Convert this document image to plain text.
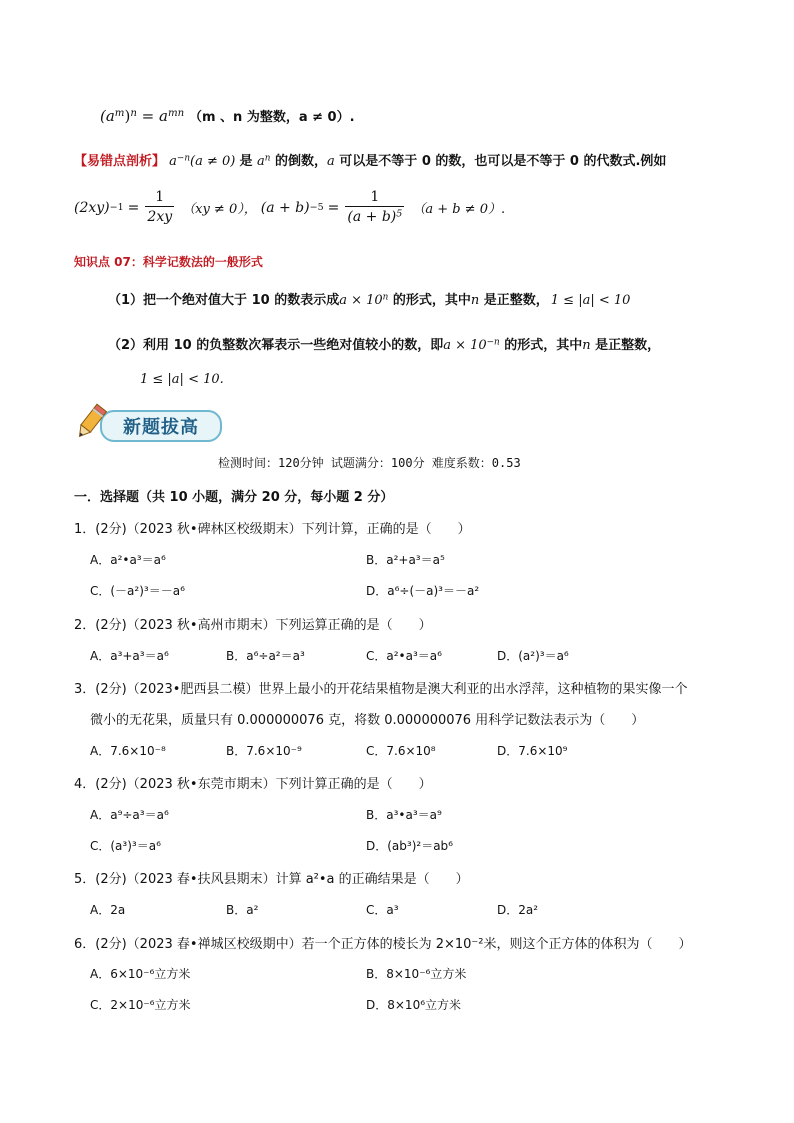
$(a^m)^n = a^{mn}$ （m 、n 为整数，a ≠ 0）.
【易错点剖析】 $a^{-n}(a \ne 0)$ 是 $a^n$ 的倒数，a 可以是不等于 0 的数，也可以是不等于 0 的代数式.例如
$(2xy) -1 = \frac{1}{2xy} (xy \ne 0)$， $(a + b) -5 = \frac{1}{(a + b)^5} (a + b \ne 0)$.
知识点 07：科学记数法的一般形式
（1）把一个绝对值大于 10 的数表示成$a \times 10^n$ 的形式，其中n 是正整数， 1 ≤ |a| < 10
（2）利用 10 的负整数次幂表示一些绝对值较小的数，即$a \times 10^{-n}$ 的形式，其中n 是正整数，
1 ≤ |a| < 10.
新题拔高
检测时间：120分钟 试题满分：100分 难度系数：0.53
一．选择题（共 10 小题，满分 20 分，每小题 2 分）
1．(2分)（2023 秋•碑林区校级期末）下列计算，正确的是（　　）
A．a²•a³＝a⁶	B．a²+a³＝a⁵
C．(－a²)³＝－a⁶	D．a⁶÷(－a)³＝－a²
2．(2分)（2023 秋•高州市期末）下列运算正确的是（　　）
A．a³+a³＝a⁶	B．a⁶÷a²＝a³	C．a²•a³＝a⁶	D．(a²)³＝a⁶
3．(2分)（2023•肥西县二模）世界上最小的开花结果植物是澳大利亚的出水浮萍，这种植物的果实像一个
微小的无花果，质量只有 0.000000076 克，将数 0.000000076 用科学记数法表示为（　　）
A．7.6×10⁻⁸	B．7.6×10⁻⁹	C．7.6×10⁸	D．7.6×10⁹
4．(2分)（2023 秋•东莞市期末）下列计算正确的是（　　）
A．a⁹÷a³＝a⁶	B．a³•a³＝a⁹
C．(a³)³＝a⁶	D．(ab³)²＝ab⁶
5．(2分)（2023 春•扶风县期末）计算 a²•a 的正确结果是（　　）
A．2a	B．a²	C．a³	D．2a²
6．(2分)（2023 春•禅城区校级期中）若一个正方体的棱长为 2×10⁻²米，则这个正方体的体积为（　　）
A．6×10⁻⁶立方米	B．8×10⁻⁶立方米
C．2×10⁻⁶立方米	D．8×10⁶立方米
